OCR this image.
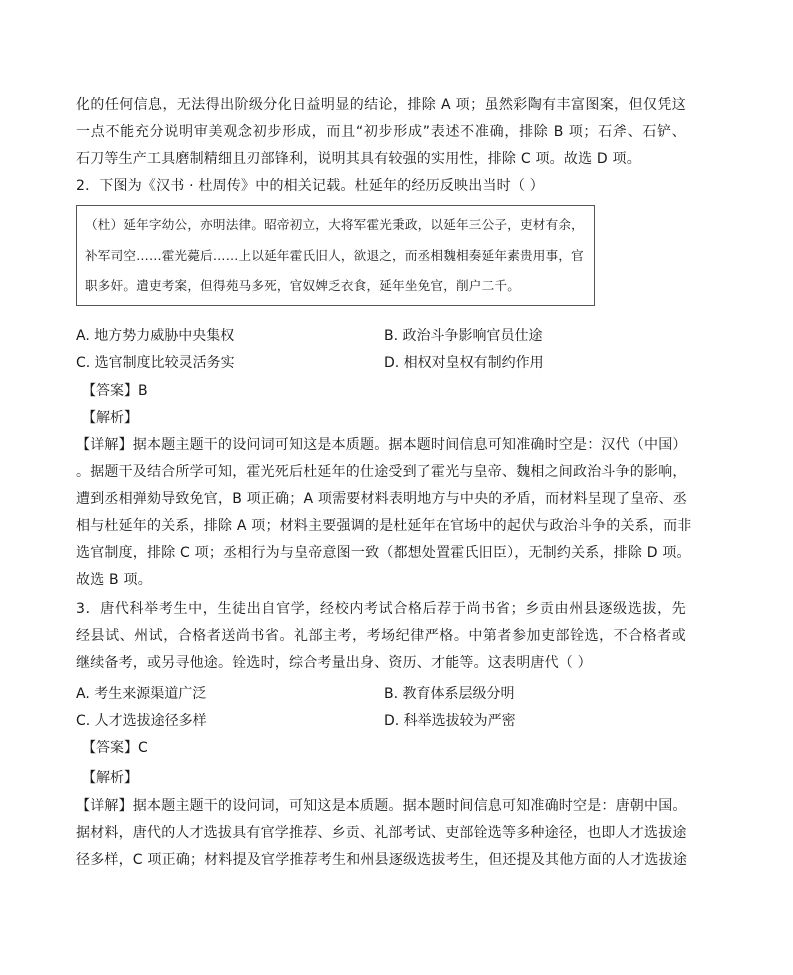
化的任何信息，无法得出阶级分化日益明显的结论，排除 A 项；虽然彩陶有丰富图案，但仅凭这
一点不能充分说明审美观念初步形成，而且“初步形成”表述不准确，排除 B 项；石斧、石铲、
石刀等生产工具磨制精细且刃部锋利，说明其具有较强的实用性，排除 C 项。故选 D 项。
2．下图为《汉书 · 杜周传》中的相关记载。杜延年的经历反映出当时（ ）
（杜）延年字幼公，亦明法律。昭帝初立，大将军霍光秉政，以延年三公子，吏材有余，
补军司空……霍光薨后……上以延年霍氏旧人，欲退之，而丞相魏相奏延年素贵用事，官
职多奸。遣吏考案，但得苑马多死，官奴婢乏衣食，延年坐免官，削户二千。
A. 地方势力威胁中央集权	B. 政治斗争影响官员仕途
C. 选官制度比较灵活务实	D. 相权对皇权有制约作用
【答案】B
【解析】
【详解】据本题主题干的设问词可知这是本质题。据本题时间信息可知准确时空是：汉代（中国）
。据题干及结合所学可知，霍光死后杜延年的仕途受到了霍光与皇帝、魏相之间政治斗争的影响，
遭到丞相弹劾导致免官，B 项正确；A 项需要材料表明地方与中央的矛盾，而材料呈现了皇帝、丞
相与杜延年的关系，排除 A 项；材料主要强调的是杜延年在官场中的起伏与政治斗争的关系，而非
选官制度，排除 C 项；丞相行为与皇帝意图一致（都想处置霍氏旧臣），无制约关系，排除 D 项。
故选 B 项。
3．唐代科举考生中，生徒出自官学，经校内考试合格后荐于尚书省；乡贡由州县逐级选拔，先
经县试、州试，合格者送尚书省。礼部主考，考场纪律严格。中第者参加吏部铨选，不合格者或
继续备考，或另寻他途。铨选时，综合考量出身、资历、才能等。这表明唐代（ ）
A. 考生来源渠道广泛	B. 教育体系层级分明
C. 人才选拔途径多样	D. 科举选拔较为严密
【答案】C
【解析】
【详解】据本题主题干的设问词，可知这是本质题。据本题时间信息可知准确时空是：唐朝中国。
据材料，唐代的人才选拔具有官学推荐、乡贡、礼部考试、吏部铨选等多种途径，也即人才选拔途
径多样，C 项正确；材料提及官学推荐考生和州县逐级选拔考生，但还提及其他方面的人才选拔途
